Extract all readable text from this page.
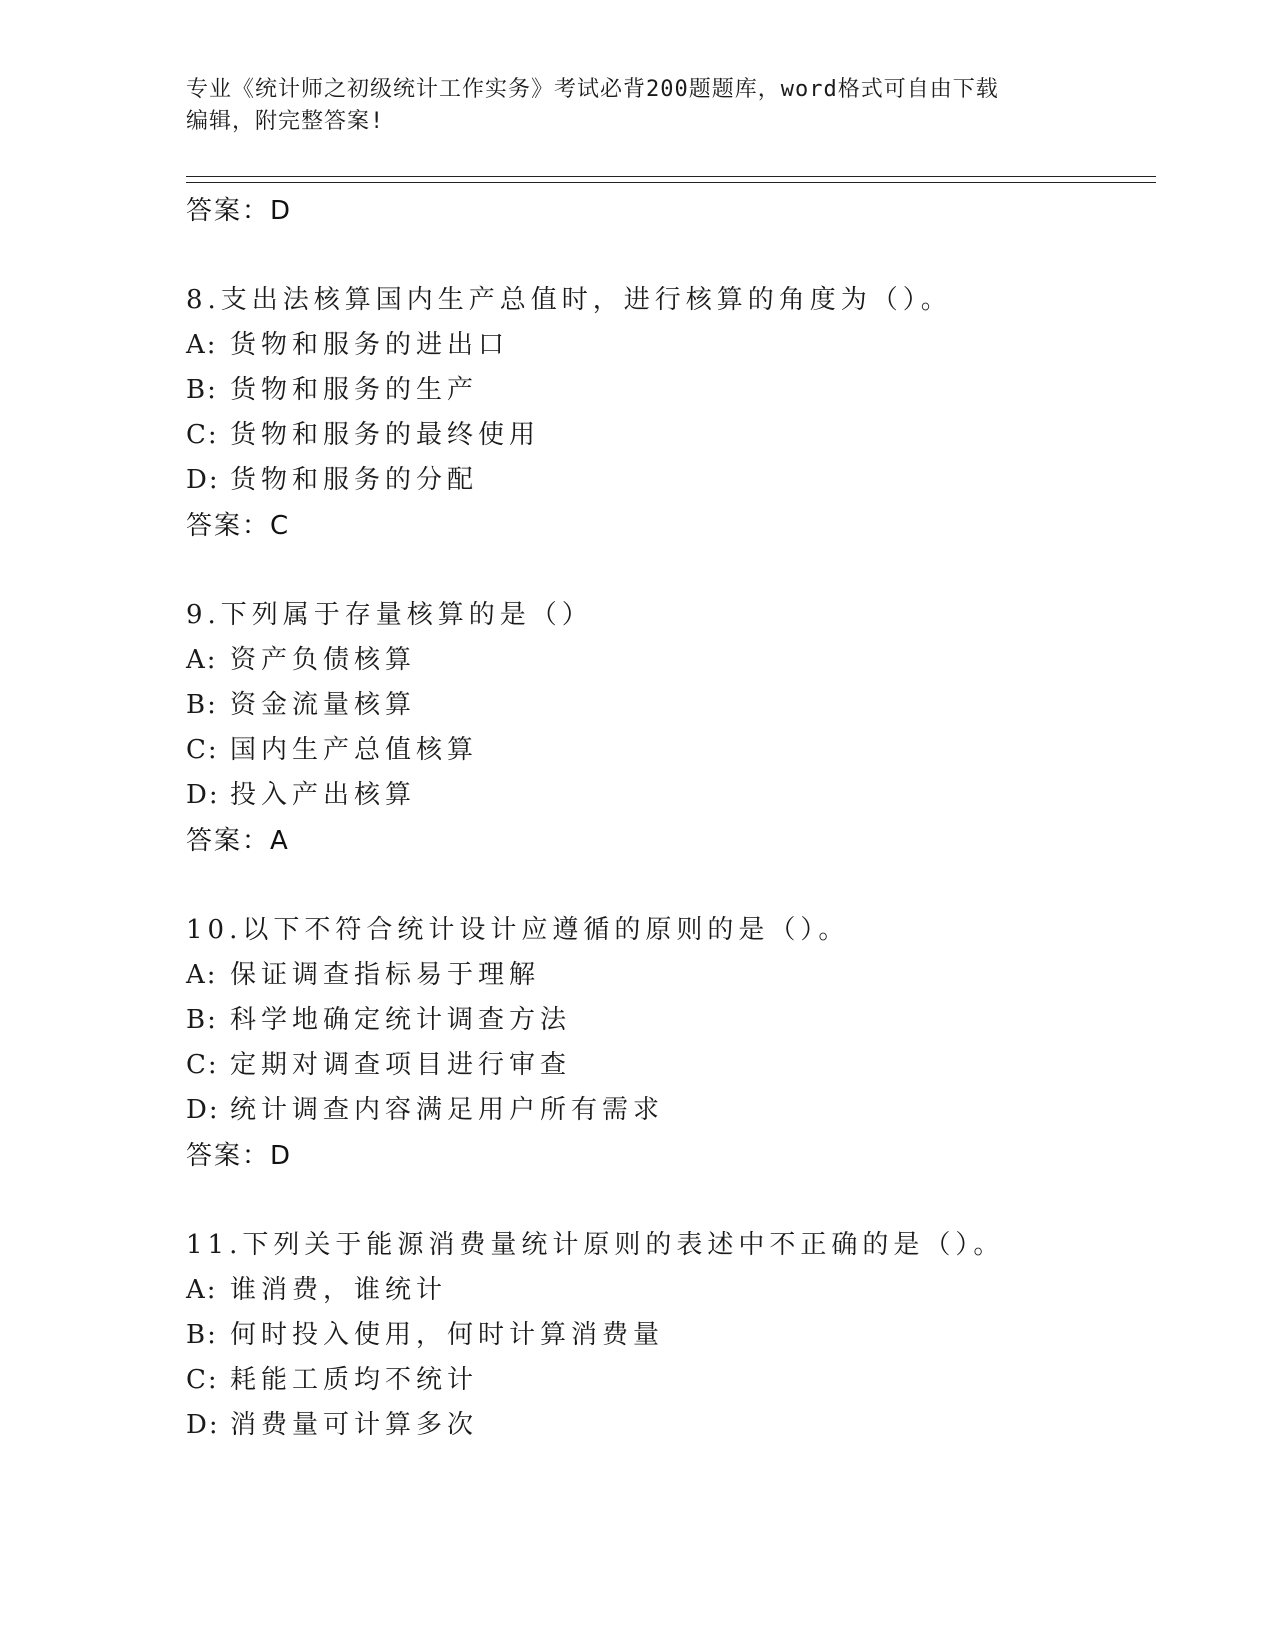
专业《统计师之初级统计工作实务》考试必背200题题库，word格式可自由下载
编辑，附完整答案!
答案：D
8.支出法核算国内生产总值时，进行核算的角度为（）。
A: 货物和服务的进出口
B: 货物和服务的生产
C: 货物和服务的最终使用
D: 货物和服务的分配
答案：C
9.下列属于存量核算的是（）
A: 资产负债核算
B: 资金流量核算
C: 国内生产总值核算
D: 投入产出核算
答案：A
10.以下不符合统计设计应遵循的原则的是（）。
A: 保证调查指标易于理解
B: 科学地确定统计调查方法
C: 定期对调查项目进行审查
D: 统计调查内容满足用户所有需求
答案：D
11.下列关于能源消费量统计原则的表述中不正确的是（）。
A: 谁消费，谁统计
B: 何时投入使用，何时计算消费量
C: 耗能工质均不统计
D: 消费量可计算多次
